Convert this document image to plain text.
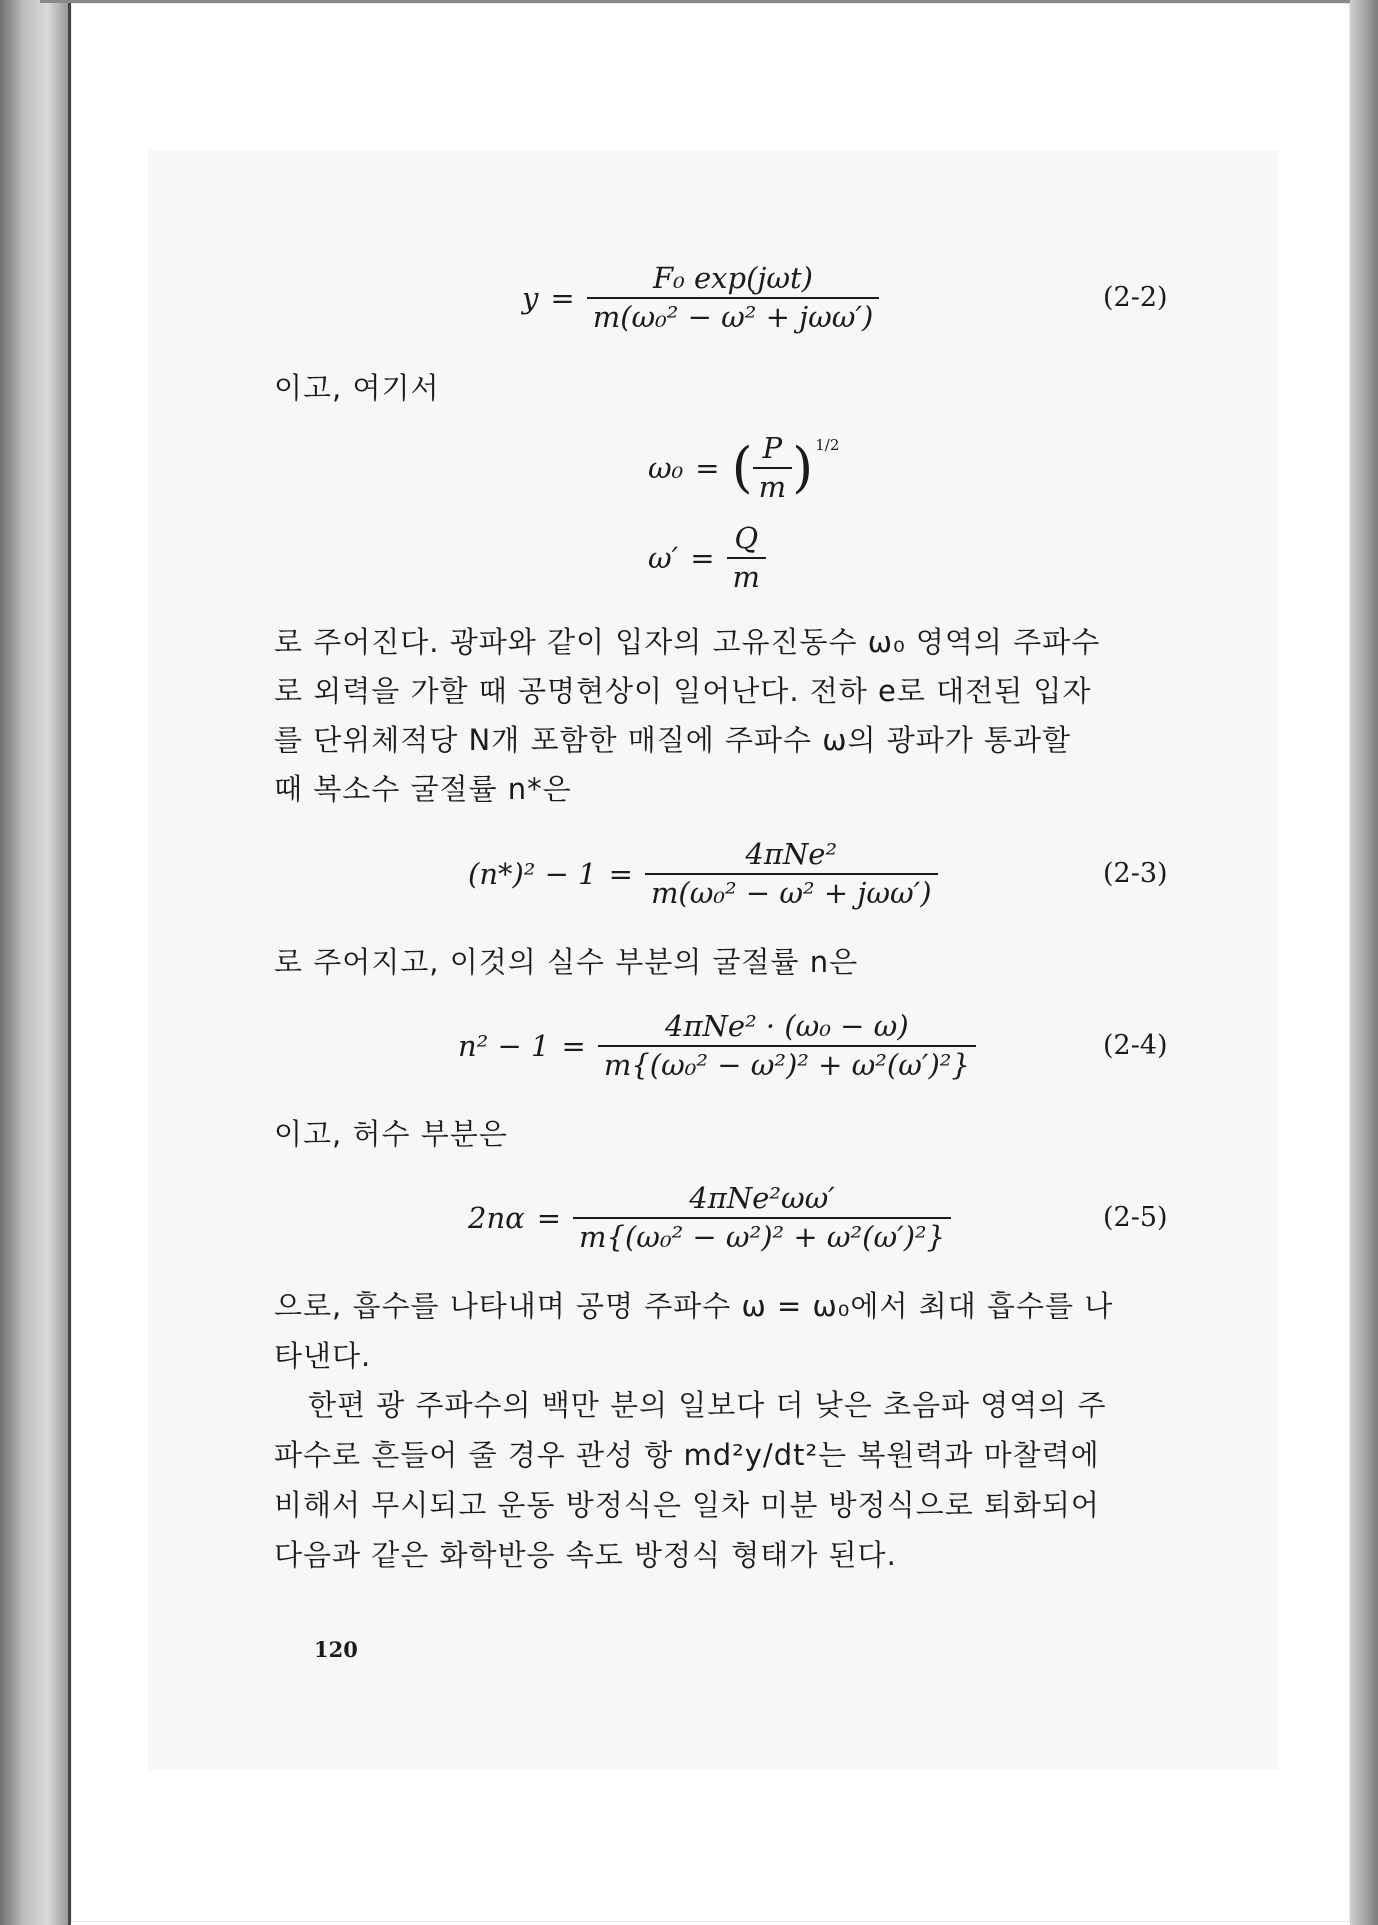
$y = \frac{\text{F₀ exp(jωt)}}{\text{m(ω₀² − ω² + jωω′)}}$	(2-2)
이고, 여기서
ω₀ = ( $\frac{P}{m}$ ) 1/2
$\omega' = \frac{Q}{m}$
로 주어진다. 광파와 같이 입자의 고유진동수 ω₀ 영역의 주파수
로 외력을 가할 때 공명현상이 일어난다. 전하 e로 대전된 입자
를 단위체적당 N개 포함한 매질에 주파수 ω의 광파가 통과할
때 복소수 굴절률 n*은
$(n*)^2 - 1 = \frac{\text{4πNe²}}{\text{m(ω₀² − ω² + jωω′)}}$	(2-3)
로 주어지고, 이것의 실수 부분의 굴절률 n은
$n^2 - 1 = \frac{\text{4πNe² · (ω₀ − ω)}}{\text{m\{(ω₀² − ω²)² + ω²(ω′)²\}}}$	(2-4)
이고, 허수 부분은
$2n\alpha = \frac{\text{4πNe²ωω′}}{\text{m\{(ω₀² − ω²)² + ω²(ω′)²\}}}$	(2-5)
으로, 흡수를 나타내며 공명 주파수 ω = ω₀에서 최대 흡수를 나
타낸다.
한편 광 주파수의 백만 분의 일보다 더 낮은 초음파 영역의 주
파수로 흔들어 줄 경우 관성 항 md²y/dt²는 복원력과 마찰력에
비해서 무시되고 운동 방정식은 일차 미분 방정식으로 퇴화되어
다음과 같은 화학반응 속도 방정식 형태가 된다.
120
